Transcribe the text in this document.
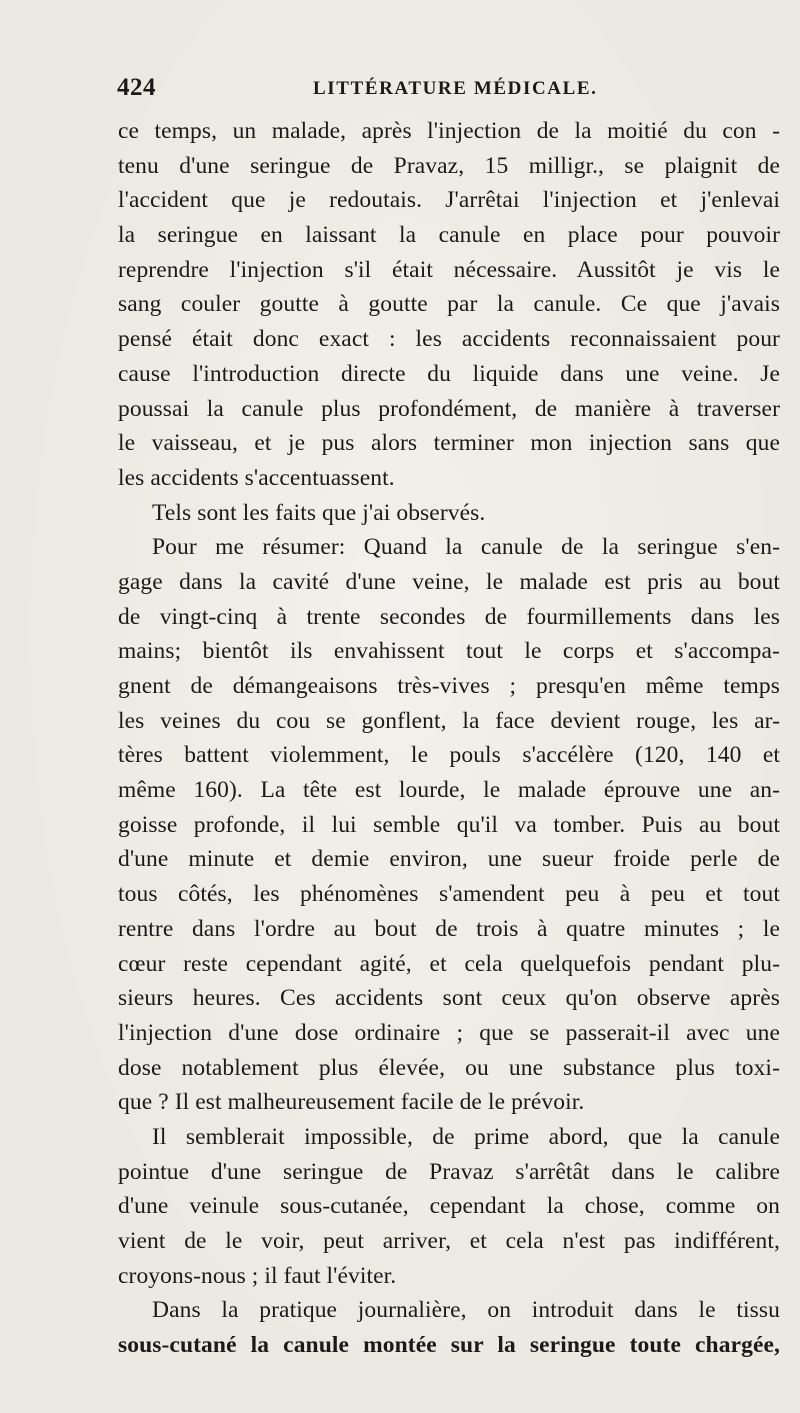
424	LITTÉRATURE MÉDICALE.
ce temps, un malade, après l'injection de la moitié du con -
tenu d'une seringue de Pravaz, 15 milligr., se plaignit de
l'accident que je redoutais. J'arrêtai l'injection et j'enlevai
la seringue en laissant la canule en place pour pouvoir
reprendre l'injection s'il était nécessaire. Aussitôt je vis le
sang couler goutte à goutte par la canule. Ce que j'avais
pensé était donc exact : les accidents reconnaissaient pour
cause l'introduction directe du liquide dans une veine. Je
poussai la canule plus profondément, de manière à traverser
le vaisseau, et je pus alors terminer mon injection sans que
les accidents s'accentuassent.
Tels sont les faits que j'ai observés.
Pour me résumer: Quand la canule de la seringue s'en-
gage dans la cavité d'une veine, le malade est pris au bout
de vingt-cinq à trente secondes de fourmillements dans les
mains; bientôt ils envahissent tout le corps et s'accompa-
gnent de démangeaisons très-vives ; presqu'en même temps
les veines du cou se gonflent, la face devient rouge, les ar-
tères battent violemment, le pouls s'accélère (120, 140 et
même 160). La tête est lourde, le malade éprouve une an-
goisse profonde, il lui semble qu'il va tomber. Puis au bout
d'une minute et demie environ, une sueur froide perle de
tous côtés, les phénomènes s'amendent peu à peu et tout
rentre dans l'ordre au bout de trois à quatre minutes ; le
cœur reste cependant agité, et cela quelquefois pendant plu-
sieurs heures. Ces accidents sont ceux qu'on observe après
l'injection d'une dose ordinaire ; que se passerait-il avec une
dose notablement plus élevée, ou une substance plus toxi-
que ? Il est malheureusement facile de le prévoir.
Il semblerait impossible, de prime abord, que la canule
pointue d'une seringue de Pravaz s'arrêtât dans le calibre
d'une veinule sous-cutanée, cependant la chose, comme on
vient de le voir, peut arriver, et cela n'est pas indifférent,
croyons-nous ; il faut l'éviter.
Dans la pratique journalière, on introduit dans le tissu
sous-cutané la canule montée sur la seringue toute chargée,
